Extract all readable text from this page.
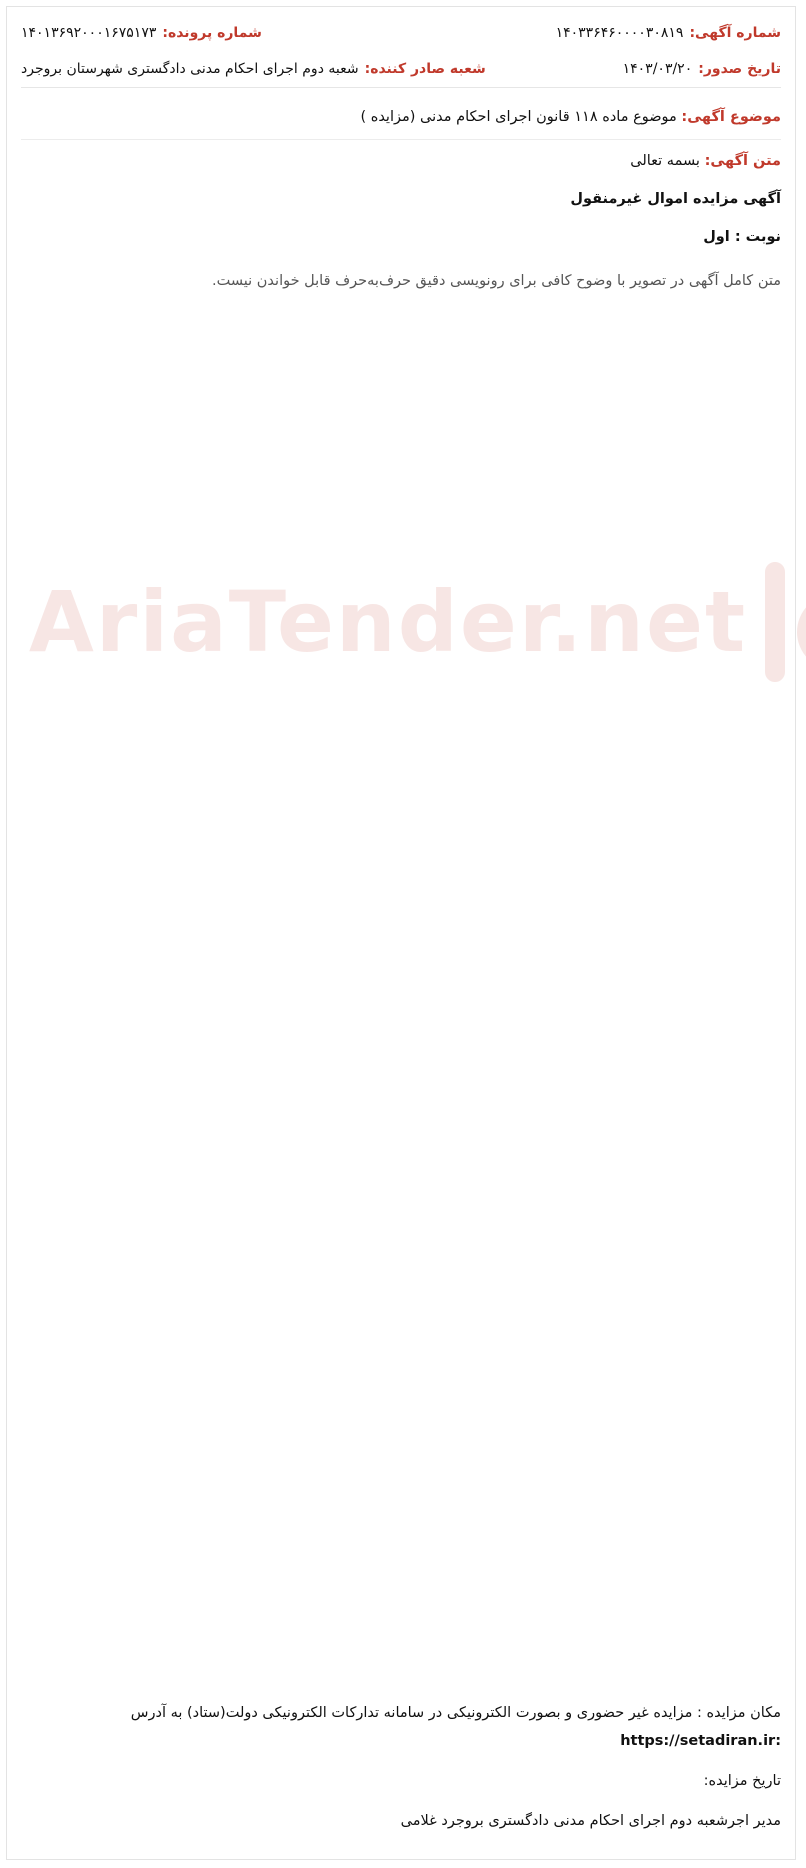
شماره آگهی:
۱۴۰۳۳۶۴۶۰۰۰۰۳۰۸۱۹
شماره پرونده:
۱۴۰۱۳۶۹۲۰۰۰۱۶۷۵۱۷۳
تاریخ صدور:
۱۴۰۳/۰۳/۲۰
شعبه صادر کننده:
شعبه دوم اجرای احکام مدنی دادگستری شهرستان بروجرد
موضوع آگهی: موضوع ماده ۱۱۸ قانون اجرای احکام مدنی (مزایده )
متن آگهی: بسمه تعالی
آگهی مزایده اموال غیرمنقول
نوبت : اول
متن کامل آگهی در تصویر با وضوح کافی برای رونویسی دقیق حرف‌به‌حرف قابل خواندن نیست.
AriaTender.net
مکان مزایده : مزایده غیر حضوری و بصورت الکترونیکی در سامانه تدارکات الکترونیکی دولت(ستاد) به آدرس
https://setadiran.ir:
تاریخ مزایده:
مدیر اجرشعبه دوم اجرای احکام مدنی دادگستری بروجرد غلامی
